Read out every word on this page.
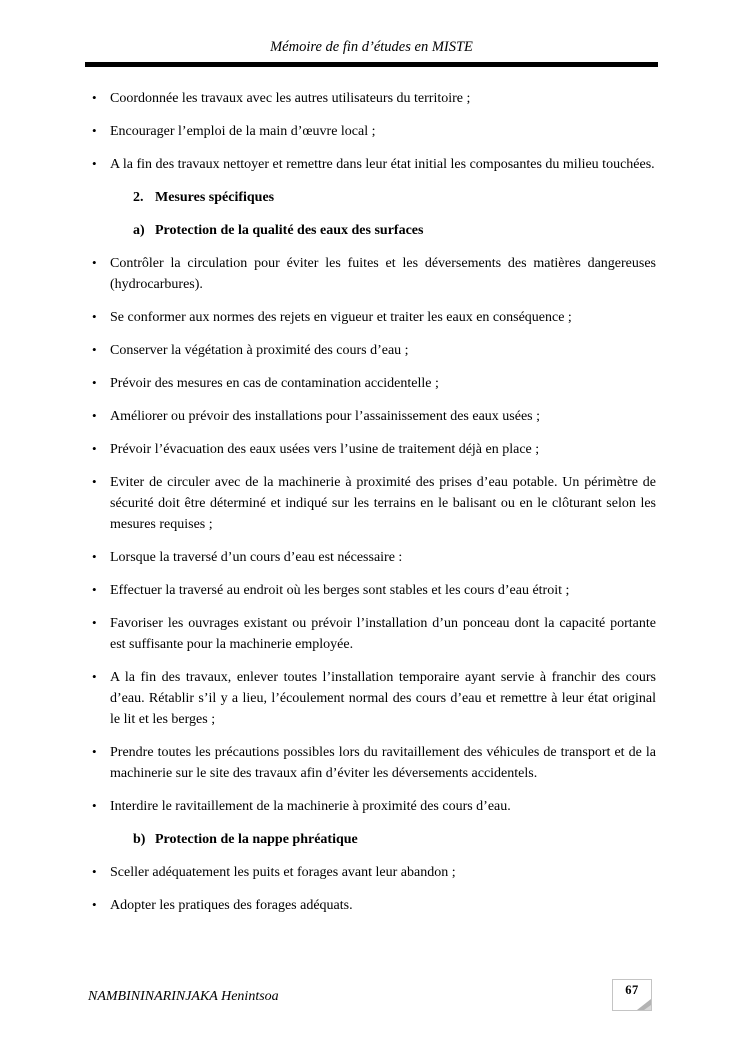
Mémoire de fin d’études en MISTE
• Coordonnée les travaux avec les autres utilisateurs du territoire ;
• Encourager l’emploi de la main d’œuvre local ;
• A la fin des travaux nettoyer et remettre dans leur état initial les composantes du milieu touchées.
2. Mesures spécifiques
a) Protection de la qualité des eaux des surfaces
• Contrôler la circulation pour éviter les fuites et les déversements des matières dangereuses (hydrocarbures).
• Se conformer aux normes des rejets en vigueur et traiter les eaux en conséquence ;
• Conserver la végétation à proximité des cours d’eau ;
• Prévoir des mesures en cas de contamination accidentelle ;
• Améliorer ou prévoir des installations pour l’assainissement des eaux usées ;
• Prévoir l’évacuation des eaux usées vers l’usine de traitement déjà en place ;
• Eviter de circuler avec de la machinerie à proximité des prises d’eau potable. Un périmètre de sécurité doit être déterminé et indiqué sur les terrains en le balisant ou en le clôturant selon les mesures requises ;
• Lorsque la traversé d’un cours d’eau est nécessaire :
• Effectuer la traversé au endroit où les berges sont stables et les cours d’eau étroit ;
• Favoriser les ouvrages existant ou prévoir l’installation d’un ponceau dont la capacité portante est suffisante pour la machinerie employée.
• A la fin des travaux, enlever toutes l’installation temporaire ayant servie à franchir des cours d’eau. Rétablir s’il y a lieu, l’écoulement normal des cours d’eau et remettre à leur état original le lit et les berges ;
• Prendre toutes les précautions possibles lors du ravitaillement des véhicules de transport et de la machinerie sur le site des travaux afin d’éviter les déversements accidentels.
• Interdire le ravitaillement de la machinerie à proximité des cours d’eau.
b) Protection de la nappe phréatique
• Sceller adéquatement les puits et forages avant leur abandon ;
• Adopter les pratiques des forages adéquats.
NAMBININARINJAKA Henintsoa	67
